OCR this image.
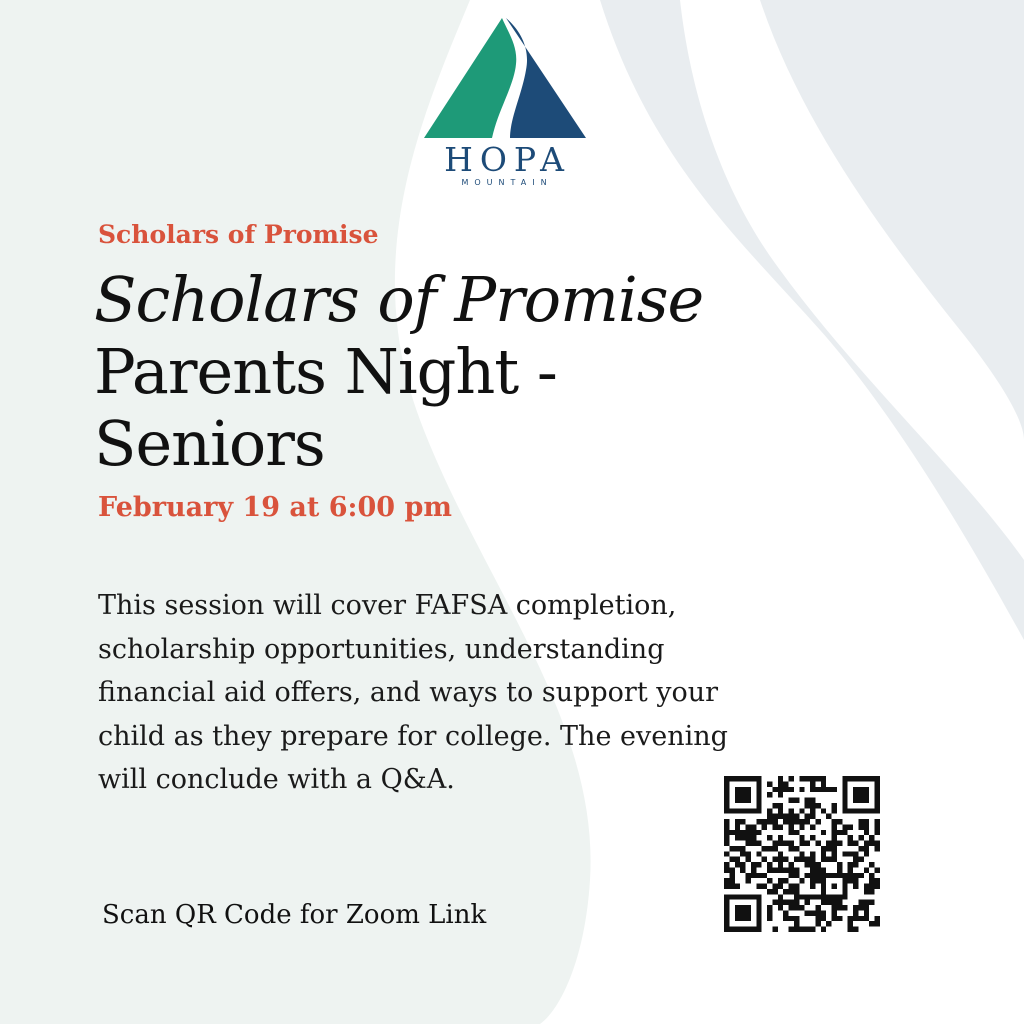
HOPA
MOUNTAIN
Scholars of Promise
Scholars of Promise Parents Night - Seniors
February 19 at 6:00 pm

This session will cover FAFSA completion, scholarship opportunities, understanding financial aid offers, and ways to support your child as they prepare for college. The evening will conclude with a Q&A.

Scan QR Code for Zoom Link
